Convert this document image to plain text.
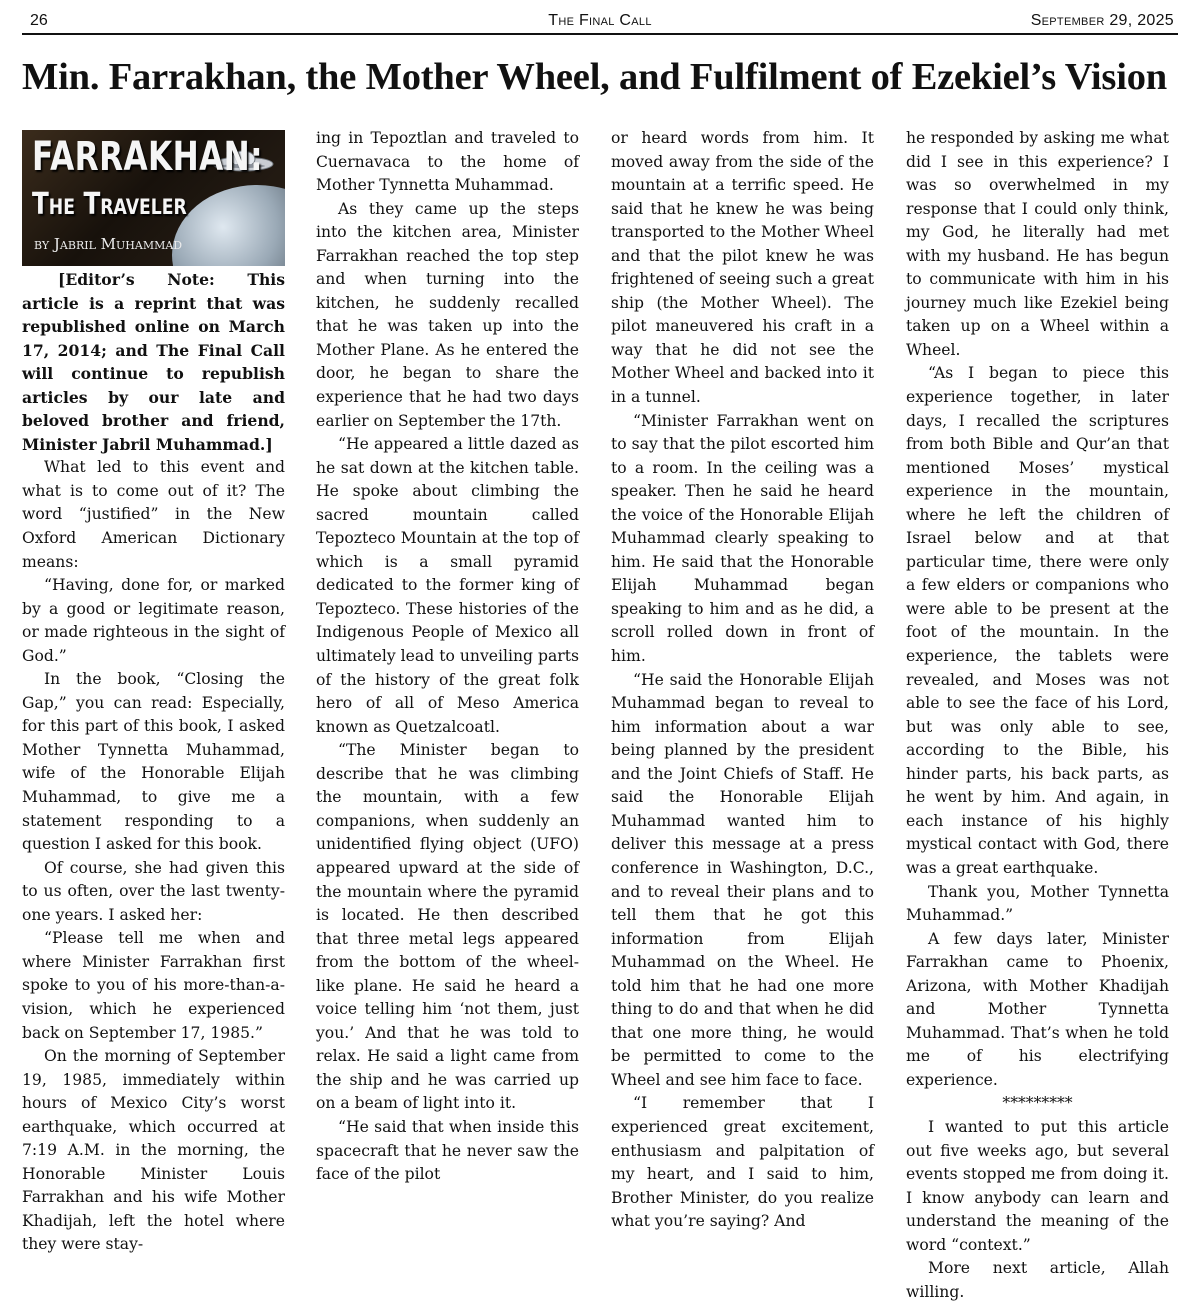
26	The Final Call	September 29, 2025
Min. Farrakhan, the Mother Wheel, and Fulfilment of Ezekiel’s Vision
FARRAKHAN:
The Traveler
by Jabril Muhammad

[Editor’s Note: This article is a reprint that was republished online on March 17, 2014; and The Final Call will continue to republish articles by our late and beloved brother and friend, Minister Jabril Muhammad.]

What led to this event and what is to come out of it? The word “justified” in the New Oxford American Dictionary means:

“Having, done for, or marked by a good or legitimate reason, or made righteous in the sight of God.”

In the book, “Closing the Gap,” you can read: Especially, for this part of this book, I asked Mother Tynnetta Muhammad, wife of the Honorable Elijah Muhammad, to give me a statement responding to a question I asked for this book.

Of course, she had given this to us often, over the last twenty-one years. I asked her:

“Please tell me when and where Minister Farrakhan first spoke to you of his more-than-a-vision, which he experienced back on September 17, 1985.”

On the morning of September 19, 1985, immediately within hours of Mexico City’s worst earthquake, which occurred at 7:19 A.M. in the morning, the Honorable Minister Louis Farrakhan and his wife Mother Khadijah, left the hotel where they were stay-

ing in Tepoztlan and traveled to Cuernavaca to the home of Mother Tynnetta Muhammad.

As they came up the steps into the kitchen area, Minister Farrakhan reached the top step and when turning into the kitchen, he suddenly recalled that he was taken up into the Mother Plane. As he entered the door, he began to share the experience that he had two days earlier on September the 17th.

“He appeared a little dazed as he sat down at the kitchen table. He spoke about climbing the sacred mountain called Tepozteco Mountain at the top of which is a small pyramid dedicated to the former king of Tepozteco. These histories of the Indigenous People of Mexico all ultimately lead to unveiling parts of the history of the great folk hero of all of Meso America known as Quetzalcoatl.

“The Minister began to describe that he was climbing the mountain, with a few companions, when suddenly an unidentified flying object (UFO) appeared upward at the side of the mountain where the pyramid is located. He then described that three metal legs appeared from the bottom of the wheel-like plane. He said he heard a voice telling him ‘not them, just you.’ And that he was told to relax. He said a light came from the ship and he was carried up on a beam of light into it.

“He said that when inside this spacecraft that he never saw the face of the pilot

or heard words from him. It moved away from the side of the mountain at a terrific speed. He said that he knew he was being transported to the Mother Wheel and that the pilot knew he was frightened of seeing such a great ship (the Mother Wheel). The pilot maneuvered his craft in a way that he did not see the Mother Wheel and backed into it in a tunnel.

“Minister Farrakhan went on to say that the pilot escorted him to a room. In the ceiling was a speaker. Then he said he heard the voice of the Honorable Elijah Muhammad clearly speaking to him. He said that the Honorable Elijah Muhammad began speaking to him and as he did, a scroll rolled down in front of him.

“He said the Honorable Elijah Muhammad began to reveal to him information about a war being planned by the president and the Joint Chiefs of Staff. He said the Honorable Elijah Muhammad wanted him to deliver this message at a press conference in Washington, D.C., and to reveal their plans and to tell them that he got this information from Elijah Muhammad on the Wheel. He told him that he had one more thing to do and that when he did that one more thing, he would be permitted to come to the Wheel and see him face to face.

“I remember that I experienced great excitement, enthusiasm and palpitation of my heart, and I said to him, Brother Minister, do you realize what you’re saying? And

he responded by asking me what did I see in this experience? I was so overwhelmed in my response that I could only think, my God, he literally had met with my husband. He has begun to communicate with him in his journey much like Ezekiel being taken up on a Wheel within a Wheel.

“As I began to piece this experience together, in later days, I recalled the scriptures from both Bible and Qur’an that mentioned Moses’ mystical experience in the mountain, where he left the children of Israel below and at that particular time, there were only a few elders or companions who were able to be present at the foot of the mountain. In the experience, the tablets were revealed, and Moses was not able to see the face of his Lord, but was only able to see, according to the Bible, his hinder parts, his back parts, as he went by him. And again, in each instance of his highly mystical contact with God, there was a great earthquake.

Thank you, Mother Tynnetta Muhammad.”

A few days later, Minister Farrakhan came to Phoenix, Arizona, with Mother Khadijah and Mother Tynnetta Muhammad. That’s when he told me of his electrifying experience.

*********

I wanted to put this article out five weeks ago, but several events stopped me from doing it. I know anybody can learn and understand the meaning of the word “context.”

More next article, Allah willing.
